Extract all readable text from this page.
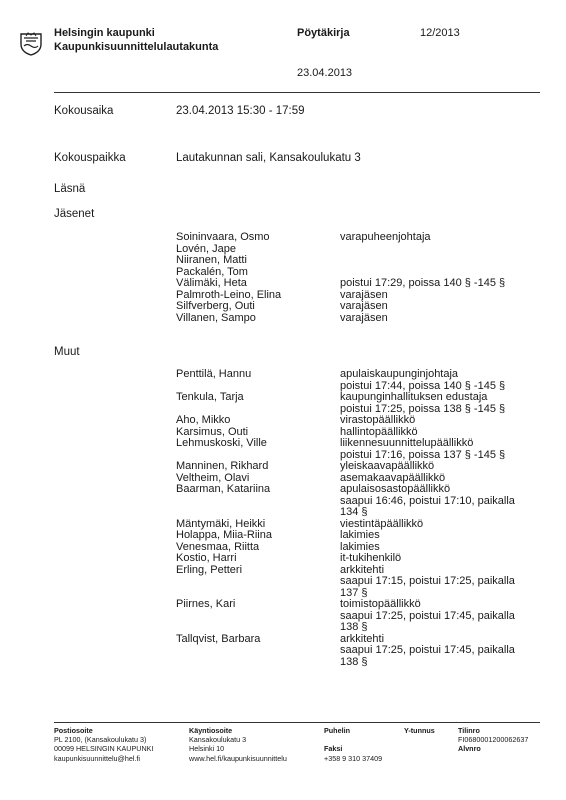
Helsingin kaupunki
Kaupunkisuunnittelulautakunta
Pöytäkirja	12/2013
23.04.2013
Kokousaika	23.04.2013 15:30 - 17:59
Kokouspaikka	Lautakunnan sali, Kansakoulukatu 3
Läsnä
Jäsenet
Muut
Soininvaara, Osmo	varapuheenjohtaja
Lovén, Jape
Niiranen, Matti
Packalén, Tom
Välimäki, Heta	poistui 17:29, poissa 140 § -145 §
Palmroth-Leino, Elina	varajäsen
Silfverberg, Outi	varajäsen
Villanen, Sampo	varajäsen
Penttilä, Hannu	apulaiskaupunginjohtaja
poistui 17:44, poissa 140 § -145 §
Tenkula, Tarja	kaupunginhallituksen edustaja
poistui 17:25, poissa 138 § -145 §
Aho, Mikko	virastopäällikkö
Karsimus, Outi	hallintopäällikkö
Lehmuskoski, Ville	liikennesuunnittelupäällikkö
poistui 17:16, poissa 137 § -145 §
Manninen, Rikhard	yleiskaavapäällikkö
Veltheim, Olavi	asemakaavapäällikkö
Baarman, Katariina	apulaisosastopäällikkö
saapui 16:46, poistui 17:10, paikalla
134 §
Mäntymäki, Heikki	viestintäpäällikkö
Holappa, Miia-Riina	lakimies
Venesmaa, Riitta	lakimies
Kostio, Harri	it-tukihenkilö
Erling, Petteri	arkkitehti
saapui 17:15, poistui 17:25, paikalla
137 §
Piirnes, Kari	toimistopäällikkö
saapui 17:25, poistui 17:45, paikalla
138 §
Tallqvist, Barbara	arkkitehti
saapui 17:25, poistui 17:45, paikalla
138 §
Postiosoite
PL 2100, (Kansakoulukatu 3)
00099 HELSINGIN KAUPUNKI
kaupunkisuunnittelu@hel.fi
Käyntiosoite
Kansakoulukatu 3
Helsinki 10
www.hel.fi/kaupunkisuunnittelu
Puhelin

Faksi
+358 9 310 37409
Y-tunnus	Tilinro
FI0680001200062637
Alvnro
